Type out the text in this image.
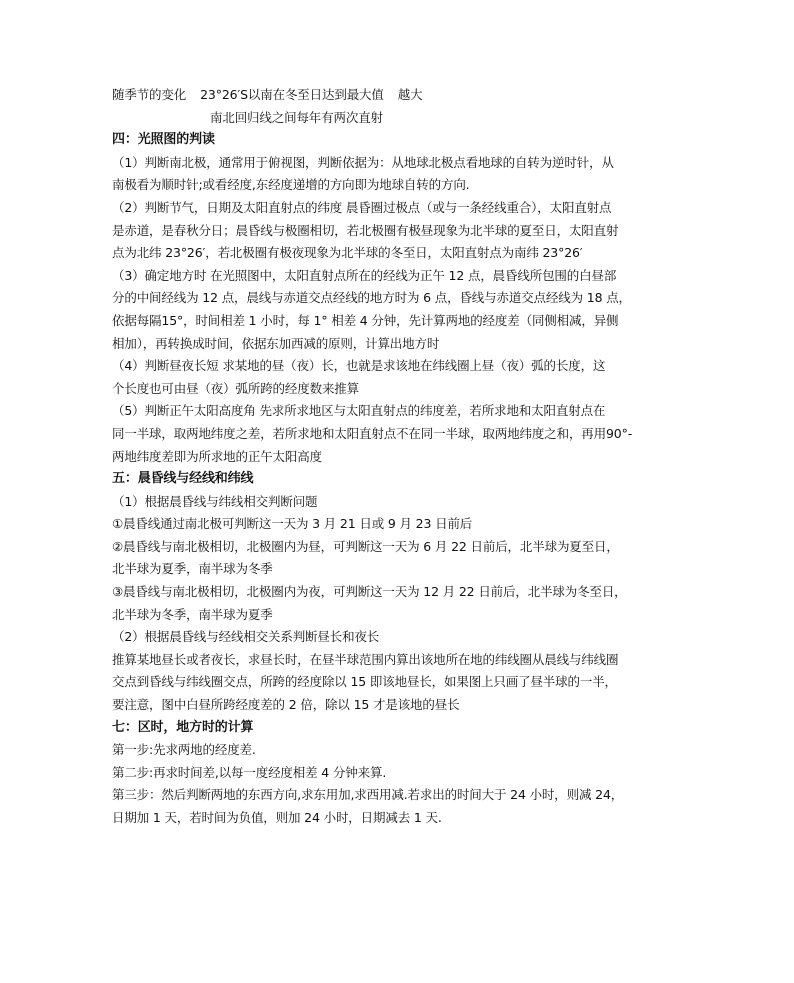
随季节的变化 23°26′S以南在冬至日达到最大值 越大

南北回归线之间每年有两次直射

四：光照图的判读

（1）判断南北极，通常用于俯视图，判断依据为：从地球北极点看地球的自转为逆时针，从

南极看为顺时针;或看经度,东经度递增的方向即为地球自转的方向.

（2）判断节气，日期及太阳直射点的纬度 晨昏圈过极点（或与一条经线重合），太阳直射点

是赤道，是春秋分日；晨昏线与极圈相切，若北极圈有极昼现象为北半球的夏至日，太阳直射

点为北纬 23°26′，若北极圈有极夜现象为北半球的冬至日，太阳直射点为南纬 23°26′

（3）确定地方时 在光照图中，太阳直射点所在的经线为正午 12 点，晨昏线所包围的白昼部

分的中间经线为 12 点，晨线与赤道交点经线的地方时为 6 点，昏线与赤道交点经线为 18 点，

依据每隔15°，时间相差 1 小时，每 1° 相差 4 分钟，先计算两地的经度差（同侧相减，异侧

相加），再转换成时间，依据东加西减的原则，计算出地方时

（4）判断昼夜长短 求某地的昼（夜）长，也就是求该地在纬线圈上昼（夜）弧的长度，这

个长度也可由昼（夜）弧所跨的经度数来推算

（5）判断正午太阳高度角 先求所求地区与太阳直射点的纬度差，若所求地和太阳直射点在

同一半球，取两地纬度之差，若所求地和太阳直射点不在同一半球，取两地纬度之和，再用90°-

两地纬度差即为所求地的正午太阳高度

五：晨昏线与经线和纬线

（1）根据晨昏线与纬线相交判断问题

①晨昏线通过南北极可判断这一天为 3 月 21 日或 9 月 23 日前后

②晨昏线与南北极相切，北极圈内为昼，可判断这一天为 6 月 22 日前后，北半球为夏至日，

北半球为夏季，南半球为冬季

③晨昏线与南北极相切，北极圈内为夜，可判断这一天为 12 月 22 日前后，北半球为冬至日，

北半球为冬季，南半球为夏季

（2）根据晨昏线与经线相交关系判断昼长和夜长

推算某地昼长或者夜长，求昼长时，在昼半球范围内算出该地所在地的纬线圈从晨线与纬线圈

交点到昏线与纬线圈交点，所跨的经度除以 15 即该地昼长，如果图上只画了昼半球的一半，

要注意，图中白昼所跨经度差的 2 倍，除以 15 才是该地的昼长

七：区时，地方时的计算

第一步:先求两地的经度差.

第二步:再求时间差,以每一度经度相差 4 分钟来算.

第三步：然后判断两地的东西方向,求东用加,求西用减.若求出的时间大于 24 小时，则减 24，

日期加 1 天，若时间为负值，则加 24 小时，日期减去 1 天.
